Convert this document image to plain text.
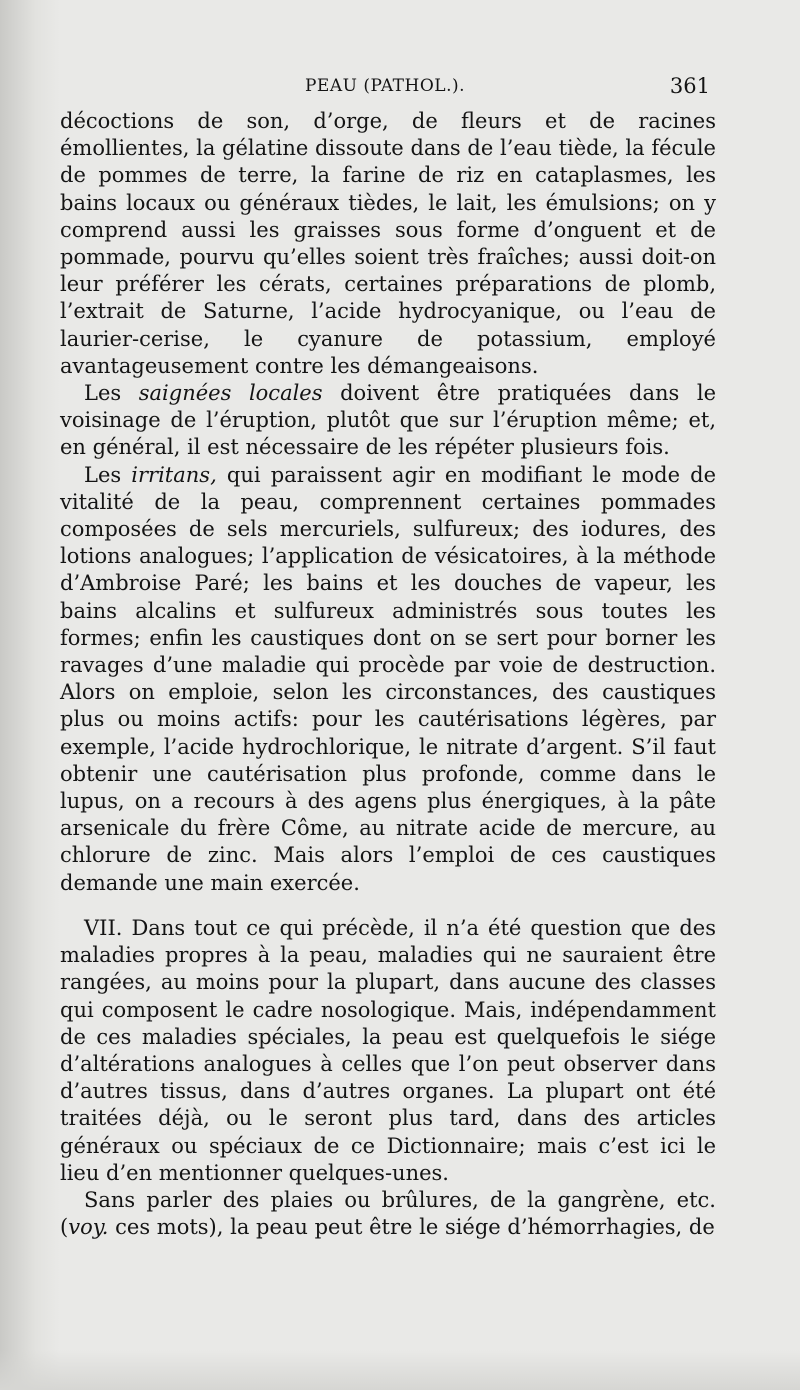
PEAU (PATHOL.).	361

décoctions de son, d’orge, de fleurs et de racines émollientes, la gélatine dissoute dans de l’eau tiède, la fécule de pommes de terre, la farine de riz en cataplasmes, les bains locaux ou généraux tièdes, le lait, les émulsions; on y comprend aussi les graisses sous forme d’onguent et de pommade, pourvu qu’elles soient très fraîches; aussi doit-on leur préférer les cérats, certaines préparations de plomb, l’extrait de Saturne, l’acide hydrocyanique, ou l’eau de laurier-cerise, le cyanure de potassium, employé avantageusement contre les démangeaisons.

Les saignées locales doivent être pratiquées dans le voisinage de l’éruption, plutôt que sur l’éruption même; et, en général, il est nécessaire de les répéter plusieurs fois.

Les irritans, qui paraissent agir en modifiant le mode de vitalité de la peau, comprennent certaines pommades composées de sels mercuriels, sulfureux; des iodures, des lotions analogues; l’application de vésicatoires, à la méthode d’Ambroise Paré; les bains et les douches de vapeur, les bains alcalins et sulfureux administrés sous toutes les formes; enfin les caustiques dont on se sert pour borner les ravages d’une maladie qui procède par voie de destruction. Alors on emploie, selon les circonstances, des caustiques plus ou moins actifs: pour les cautérisations légères, par exemple, l’acide hydrochlorique, le nitrate d’argent. S’il faut obtenir une cautérisation plus profonde, comme dans le lupus, on a recours à des agens plus énergiques, à la pâte arsenicale du frère Côme, au nitrate acide de mercure, au chlorure de zinc. Mais alors l’emploi de ces caustiques demande une main exercée.

VII. Dans tout ce qui précède, il n’a été question que des maladies propres à la peau, maladies qui ne sauraient être rangées, au moins pour la plupart, dans aucune des classes qui composent le cadre nosologique. Mais, indépendamment de ces maladies spéciales, la peau est quelquefois le siége d’altérations analogues à celles que l’on peut observer dans d’autres tissus, dans d’autres organes. La plupart ont été traitées déjà, ou le seront plus tard, dans des articles généraux ou spéciaux de ce Dictionnaire; mais c’est ici le lieu d’en mentionner quelques-unes.

Sans parler des plaies ou brûlures, de la gangrène, etc. (voy. ces mots), la peau peut être le siége d’hémorrhagies, de
